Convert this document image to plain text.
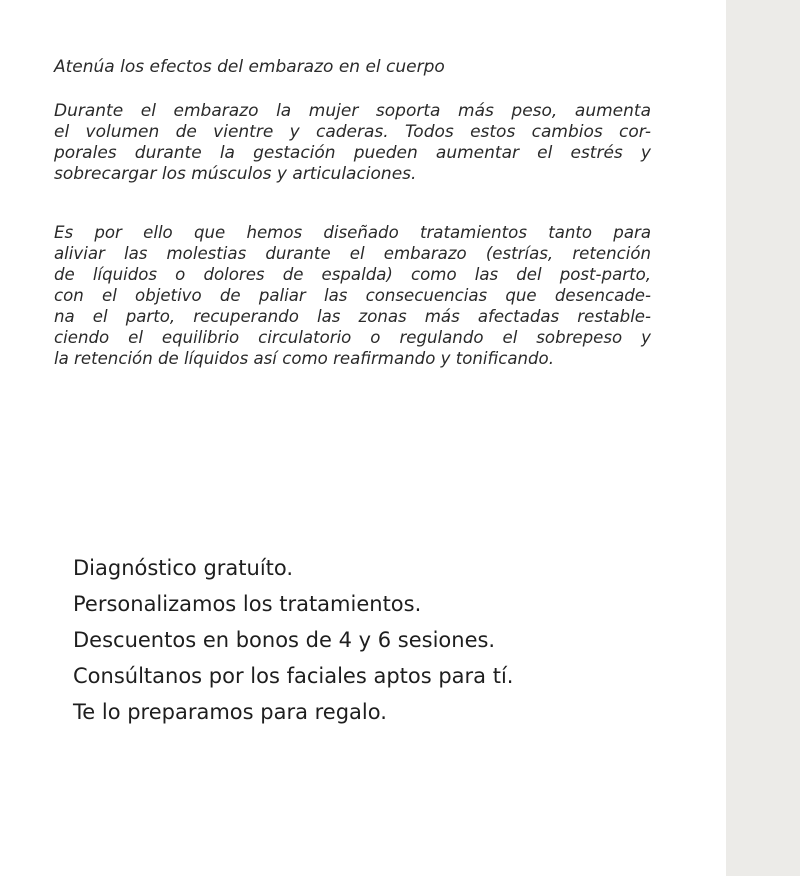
Atenúa los efectos del embarazo en el cuerpo
Durante el embarazo la mujer soporta más peso, aumenta
el volumen de vientre y caderas. Todos estos cambios cor-
porales durante la gestación pueden aumentar el estrés y
sobrecargar los músculos y articulaciones.
Es por ello que hemos diseñado tratamientos tanto para
aliviar las molestias durante el embarazo (estrías, retención
de líquidos o dolores de espalda) como las del post-parto,
con el objetivo de paliar las consecuencias que desencade-
na el parto, recuperando las zonas más afectadas restable-
ciendo el equilibrio circulatorio o regulando el sobrepeso y
la retención de líquidos así como reafirmando y tonificando.
Diagnóstico gratuíto.
Personalizamos los tratamientos.
Descuentos en bonos de 4 y 6 sesiones.
Consúltanos por los faciales aptos para tí.
Te lo preparamos para regalo.
